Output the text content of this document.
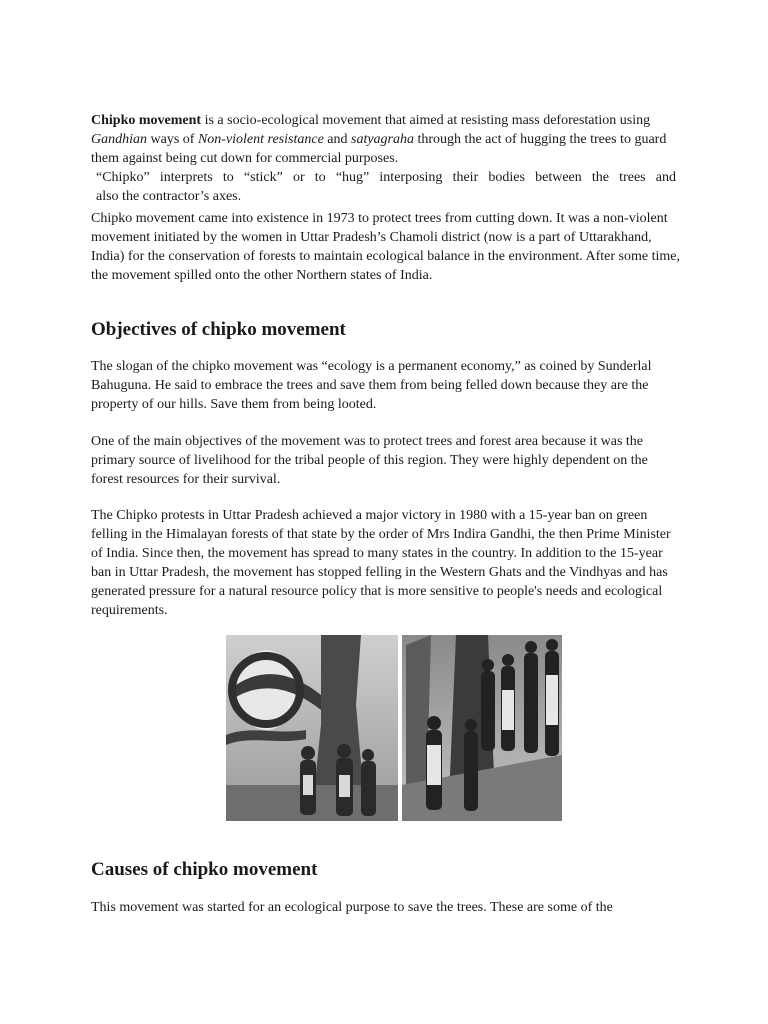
Chipko movement is a socio-ecological movement that aimed at resisting mass deforestation using Gandhian ways of Non-violent resistance and satyagraha through the act of hugging the trees to guard them against being cut down for commercial purposes.

“Chipko” interprets to “stick” or to “hug” interposing their bodies between the trees and

also the contractor’s axes.

Chipko movement came into existence in 1973 to protect trees from cutting down. It was a non-violent movement initiated by the women in Uttar Pradesh’s Chamoli district (now is a part of Uttarakhand, India) for the conservation of forests to maintain ecological balance in the environment. After some time, the movement spilled onto the other Northern states of India.

Objectives of chipko movement

The slogan of the chipko movement was “ecology is a permanent economy,” as coined by Sunderlal Bahuguna. He said to embrace the trees and save them from being felled down because they are the property of our hills. Save them from being looted.

One of the main objectives of the movement was to protect trees and forest area because it was the primary source of livelihood for the tribal people of this region. They were highly dependent on the forest resources for their survival.

The Chipko protests in Uttar Pradesh achieved a major victory in 1980 with a 15-year ban on green felling in the Himalayan forests of that state by the order of Mrs Indira Gandhi, the then Prime Minister of India. Since then, the movement has spread to many states in the country. In addition to the 15-year ban in Uttar Pradesh, the movement has stopped felling in the Western Ghats and the Vindhyas and has generated pressure for a natural resource policy that is more sensitive to people's needs and ecological requirements.

Causes of chipko movement

This movement was started for an ecological purpose to save the trees. These are some of the
